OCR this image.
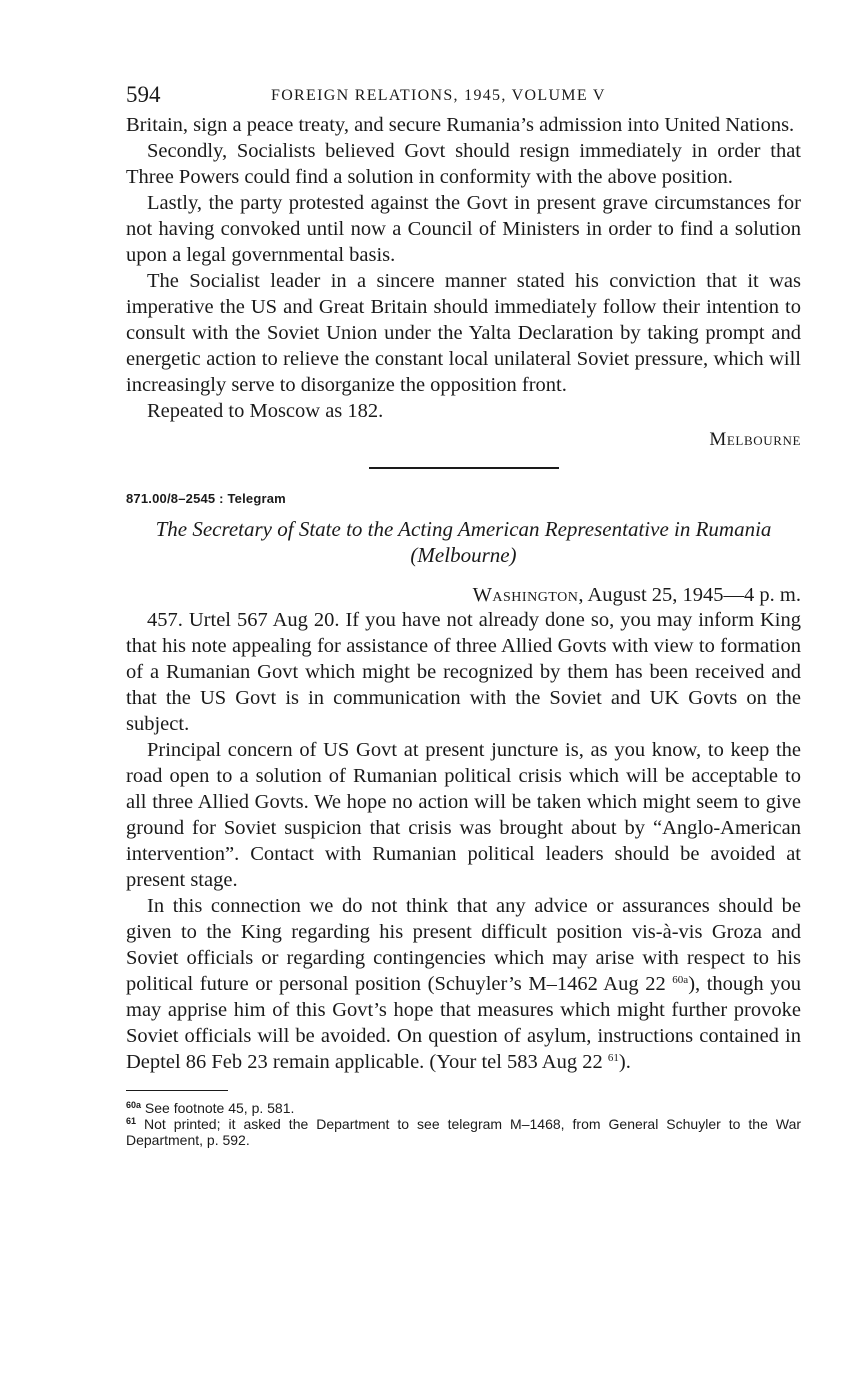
594	FOREIGN RELATIONS, 1945, VOLUME V

Britain, sign a peace treaty, and secure Rumania’s admission into United Nations.

Secondly, Socialists believed Govt should resign immediately in order that Three Powers could find a solution in conformity with the above position.

Lastly, the party protested against the Govt in present grave circumstances for not having convoked until now a Council of Ministers in order to find a solution upon a legal governmental basis.

The Socialist leader in a sincere manner stated his conviction that it was imperative the US and Great Britain should immediately follow their intention to consult with the Soviet Union under the Yalta Declaration by taking prompt and energetic action to relieve the constant local unilateral Soviet pressure, which will increasingly serve to disorganize the opposition front.

Repeated to Moscow as 182.

Melbourne
871.00/8–2545 : Telegram
The Secretary of State to the Acting American Representative in Rumania (Melbourne)
Washington, August 25, 1945—4 p. m.

457. Urtel 567 Aug 20. If you have not already done so, you may inform King that his note appealing for assistance of three Allied Govts with view to formation of a Rumanian Govt which might be recognized by them has been received and that the US Govt is in communication with the Soviet and UK Govts on the subject.

Principal concern of US Govt at present juncture is, as you know, to keep the road open to a solution of Rumanian political crisis which will be acceptable to all three Allied Govts. We hope no action will be taken which might seem to give ground for Soviet suspicion that crisis was brought about by “Anglo-American intervention”. Contact with Rumanian political leaders should be avoided at present stage.

In this connection we do not think that any advice or assurances should be given to the King regarding his present difficult position vis-à-vis Groza and Soviet officials or regarding contingencies which may arise with respect to his political future or personal position (Schuyler’s M–1462 Aug 22 $^{60a}$), though you may apprise him of this Govt’s hope that measures which might further provoke Soviet officials will be avoided. On question of asylum, instructions contained in Deptel 86 Feb 23 remain applicable. (Your tel 583 Aug 22 $^{61}$).

$^{60a}$ See footnote 45, p. 581.

$^{61}$ Not printed; it asked the Department to see telegram M–1468, from General Schuyler to the War Department, p. 592.
